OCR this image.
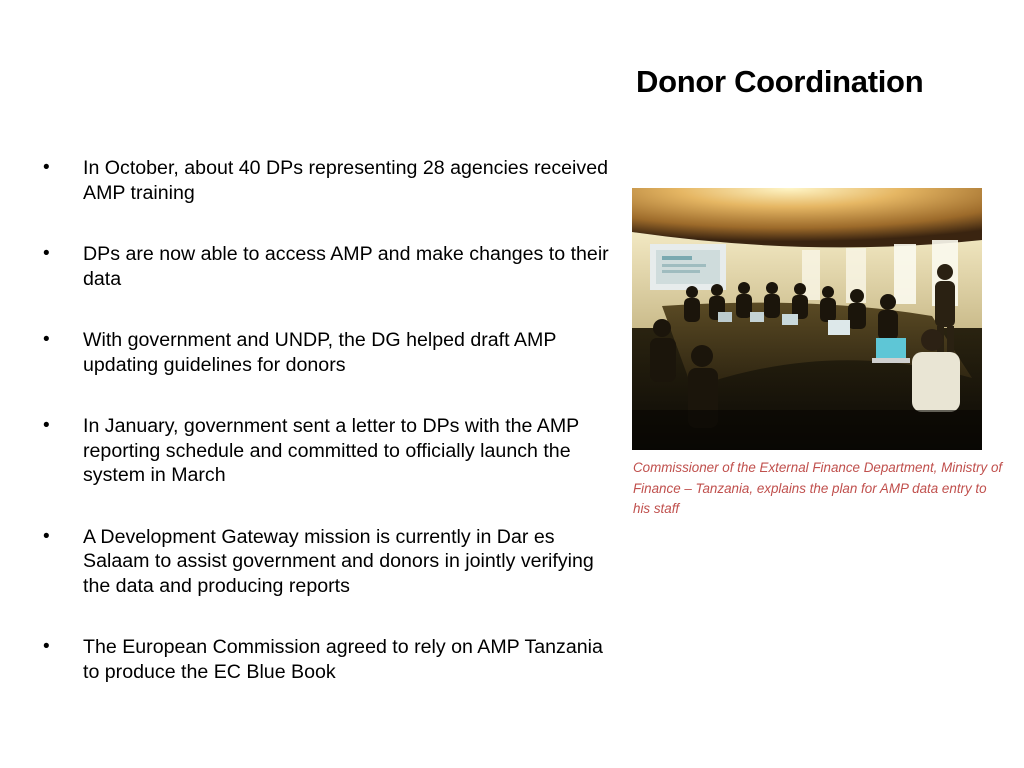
Donor Coordination
• In October, about 40 DPs representing 28 agencies received AMP training
• DPs are now able to access AMP and make changes to their data
• With government and UNDP, the DG helped draft AMP updating guidelines for donors
• In January, government sent a letter to DPs with the AMP reporting schedule and committed to officially launch the system in March
• A Development Gateway mission is currently in Dar es Salaam to assist government and donors in jointly verifying the data and producing reports
• The European Commission agreed to rely on AMP Tanzania to produce the EC Blue Book

Commissioner of the External Finance Department, Ministry of Finance – Tanzania, explains the plan for AMP data entry to his staff
